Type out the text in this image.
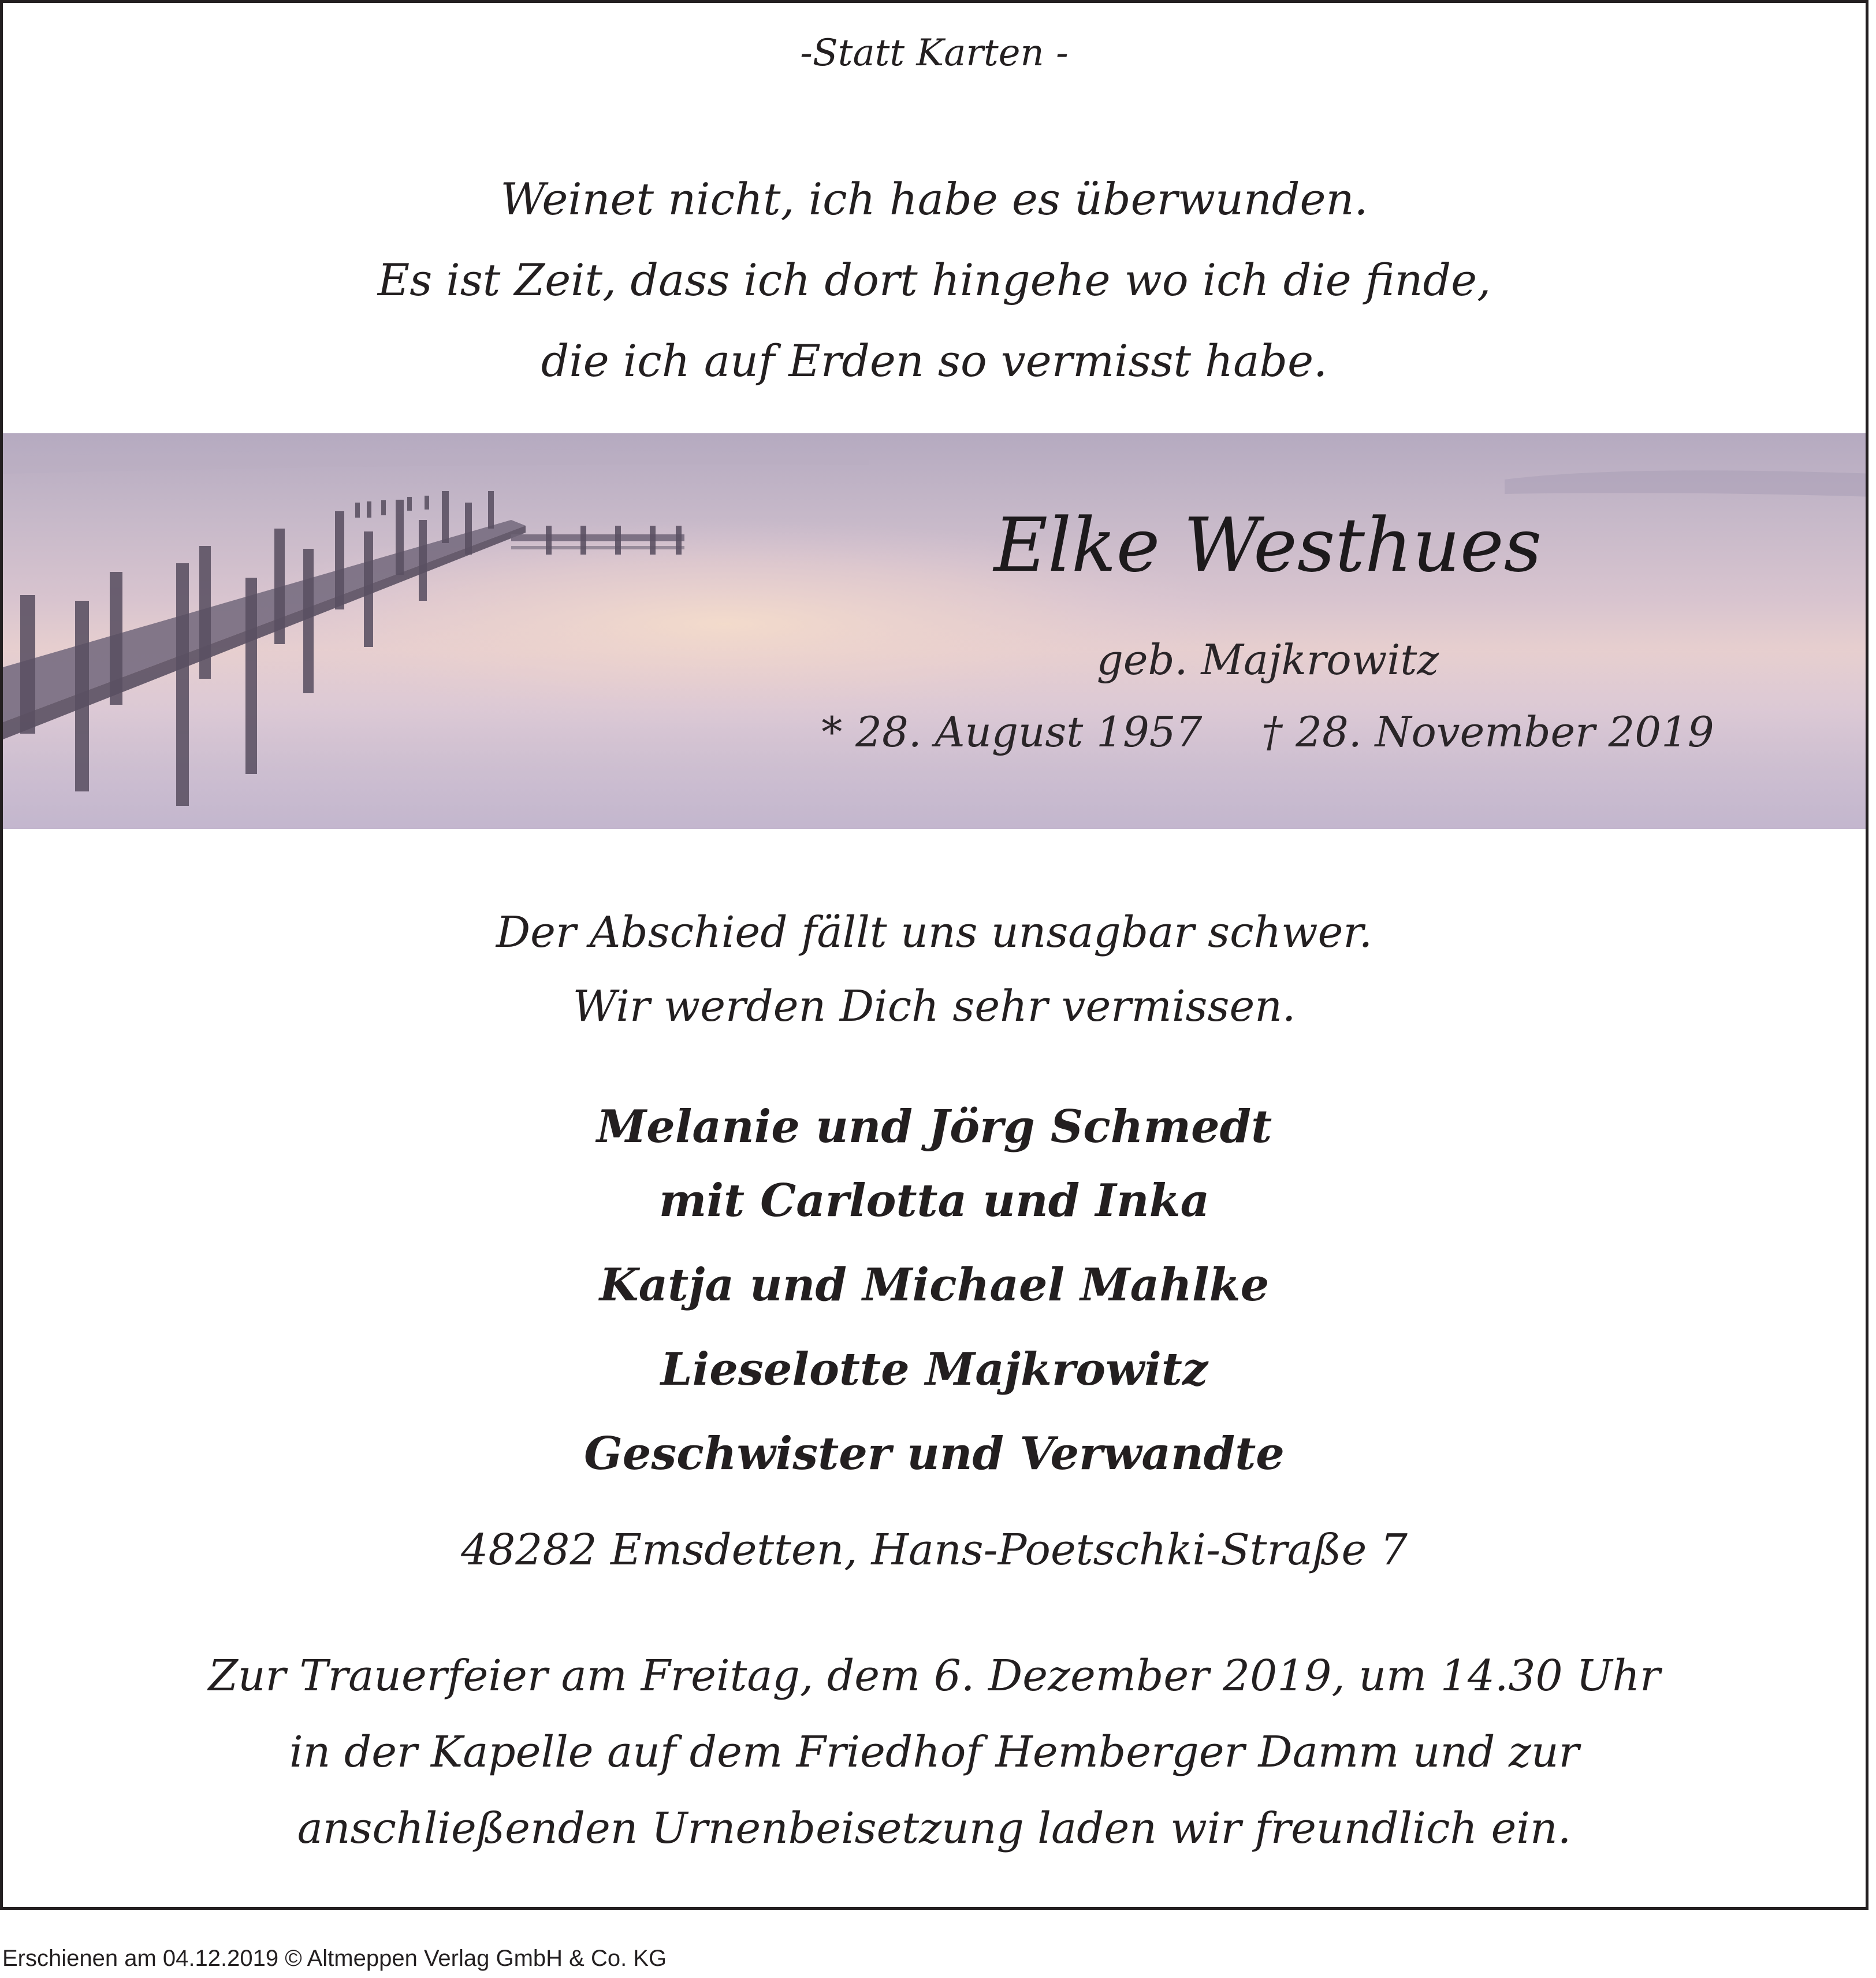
-Statt Karten -
Weinet nicht, ich habe es überwunden.
Es ist Zeit, dass ich dort hingehe wo ich die finde,
die ich auf Erden so vermisst habe.
Elke Westhues
geb. Majkrowitz
* 28. August 1957 † 28. November 2019
Der Abschied fällt uns unsagbar schwer.
Wir werden Dich sehr vermissen.
Melanie und Jörg Schmedt
mit Carlotta und Inka
Katja und Michael Mahlke
Lieselotte Majkrowitz
Geschwister und Verwandte
48282 Emsdetten, Hans-Poetschki-Straße 7
Zur Trauerfeier am Freitag, dem 6. Dezember 2019, um 14.30 Uhr
in der Kapelle auf dem Friedhof Hemberger Damm und zur
anschließenden Urnenbeisetzung laden wir freundlich ein.
Erschienen am 04.12.2019 © Altmeppen Verlag GmbH & Co. KG
